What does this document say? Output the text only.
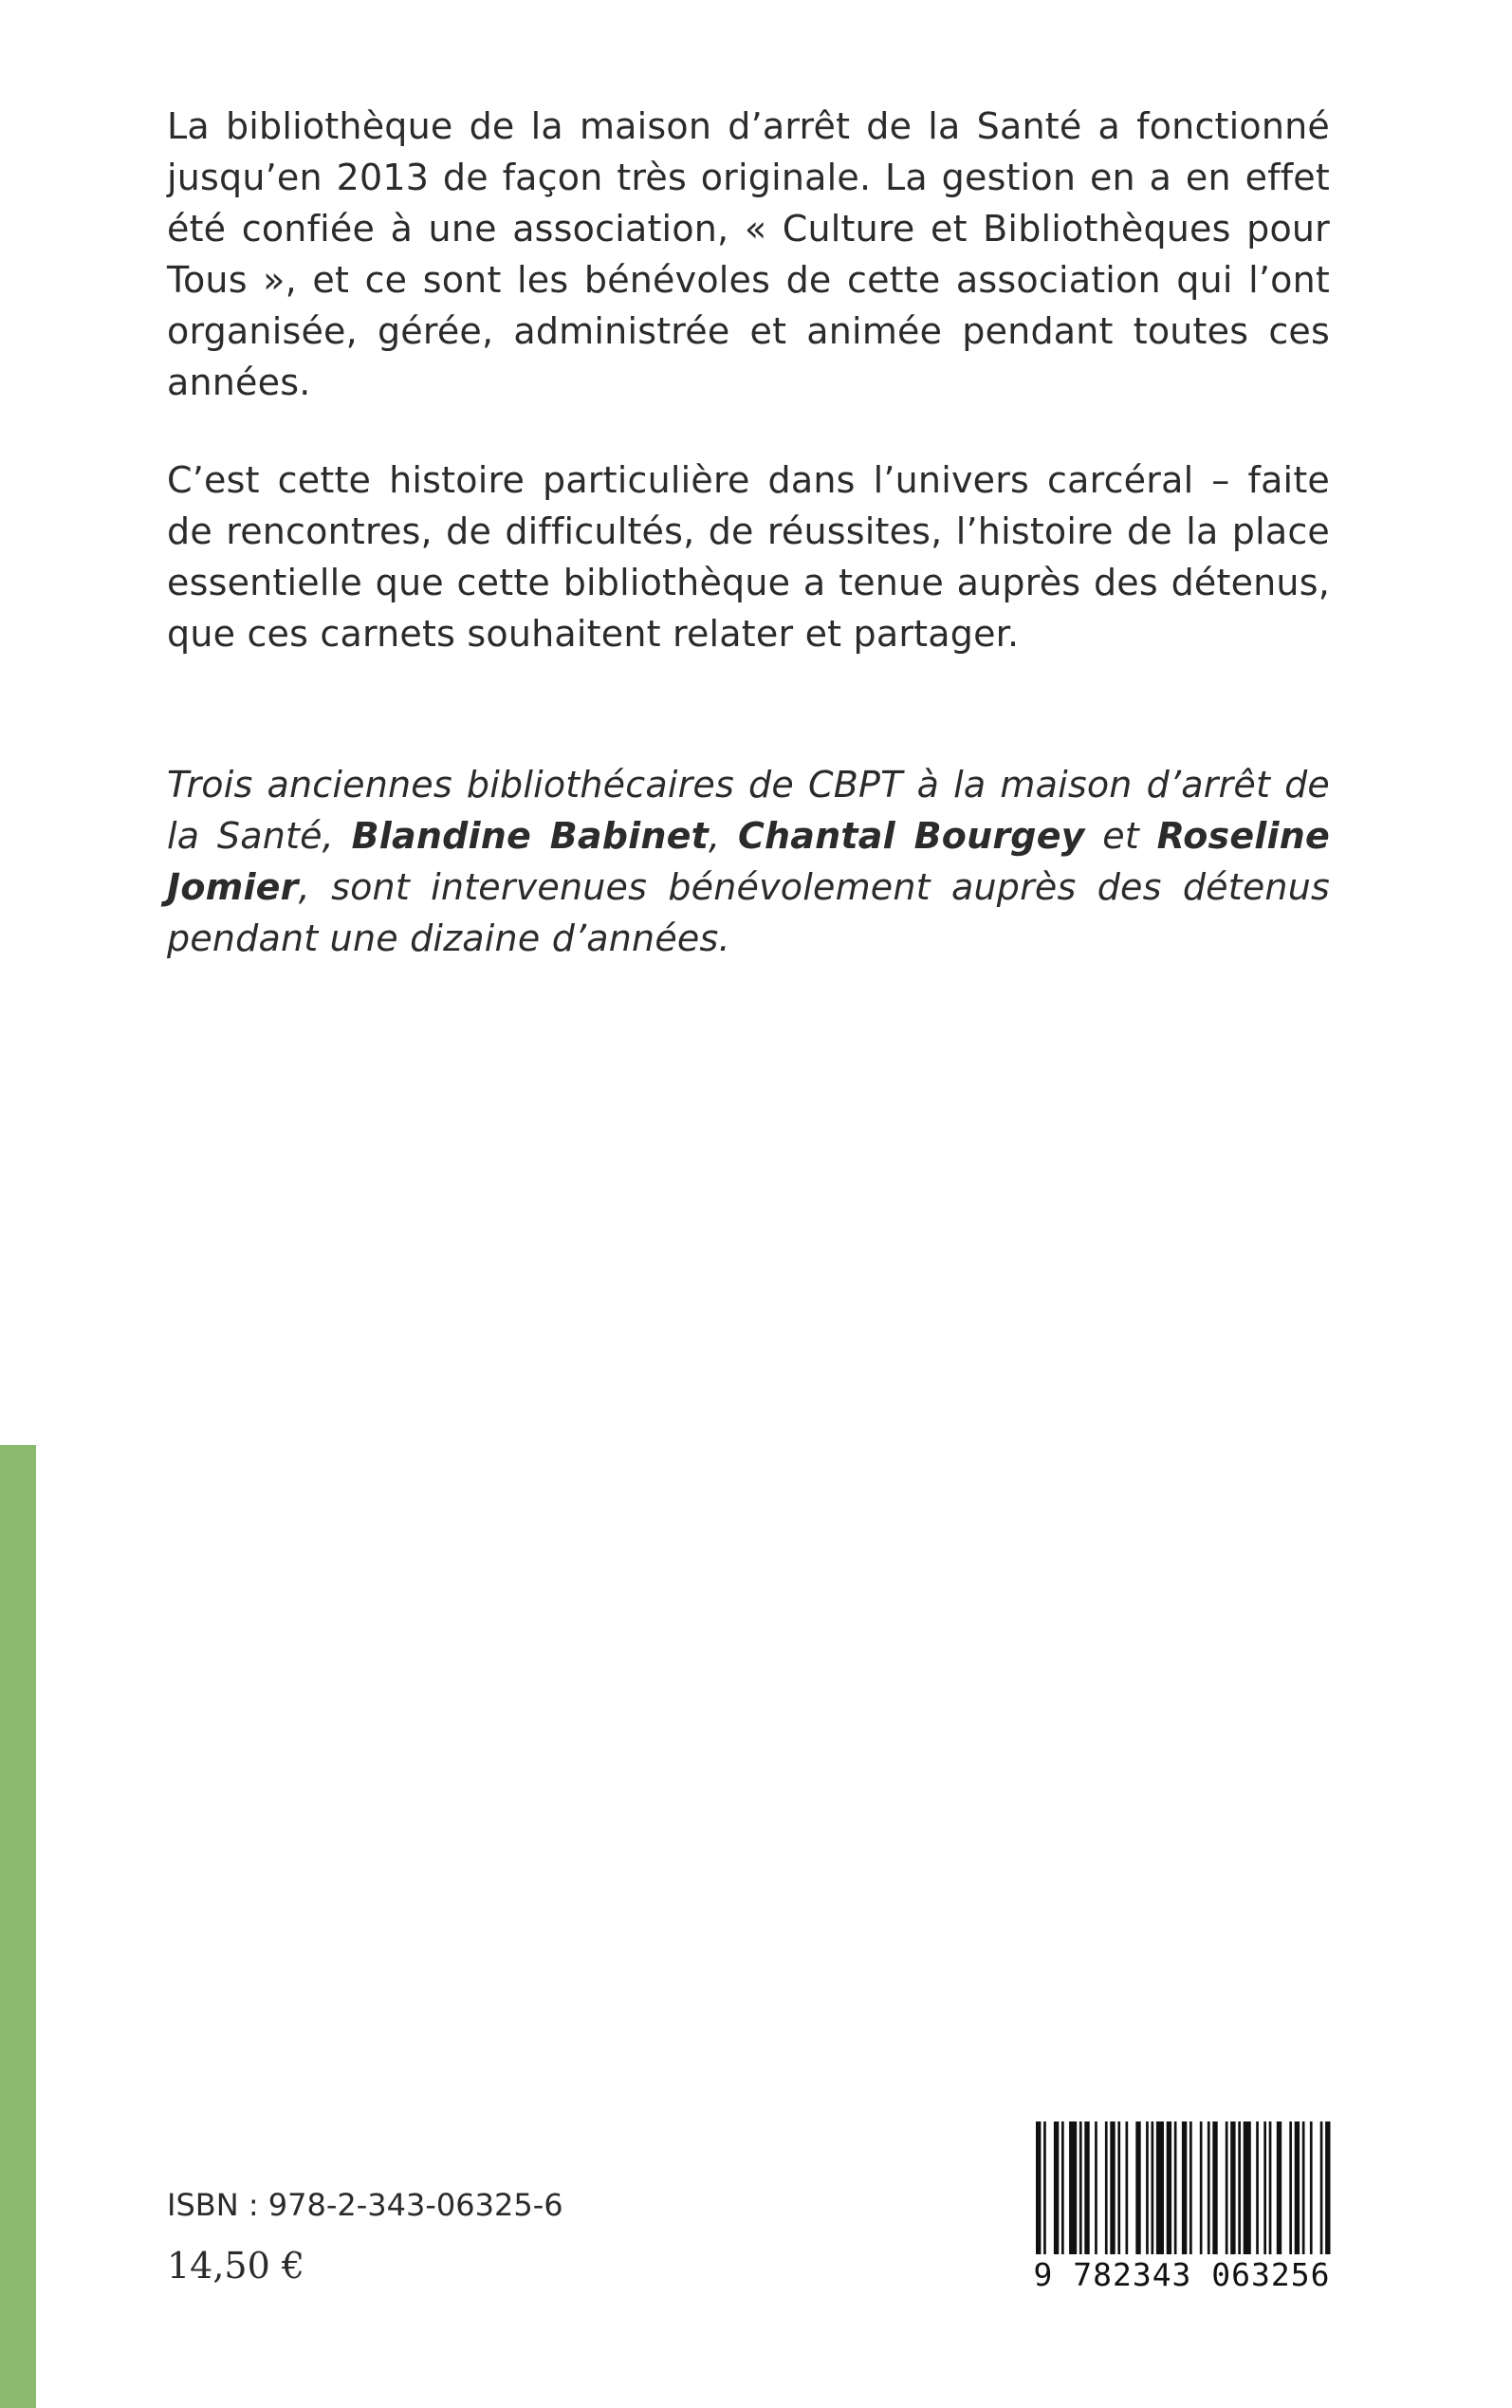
La bibliothèque de la maison d’arrêt de la Santé a fonctionné jusqu’en 2013 de façon très originale. La gestion en a en effet été confiée à une association, « Culture et Bibliothèques pour Tous », et ce sont les bénévoles de cette association qui l’ont organisée, gérée, administrée et animée pendant toutes ces années.

C’est cette histoire particulière dans l’univers carcéral – faite de rencontres, de difficultés, de réussites, l’histoire de la place essentielle que cette bibliothèque a tenue auprès des détenus, que ces carnets souhaitent relater et partager.

Trois anciennes bibliothécaires de CBPT à la maison d’arrêt de la Santé, Blandine Babinet, Chantal Bourgey et Roseline Jomier, sont intervenues bénévolement auprès des détenus pendant une dizaine d’années.

ISBN : 978-2-343-06325-6
14,50 €	9 782343 063256
